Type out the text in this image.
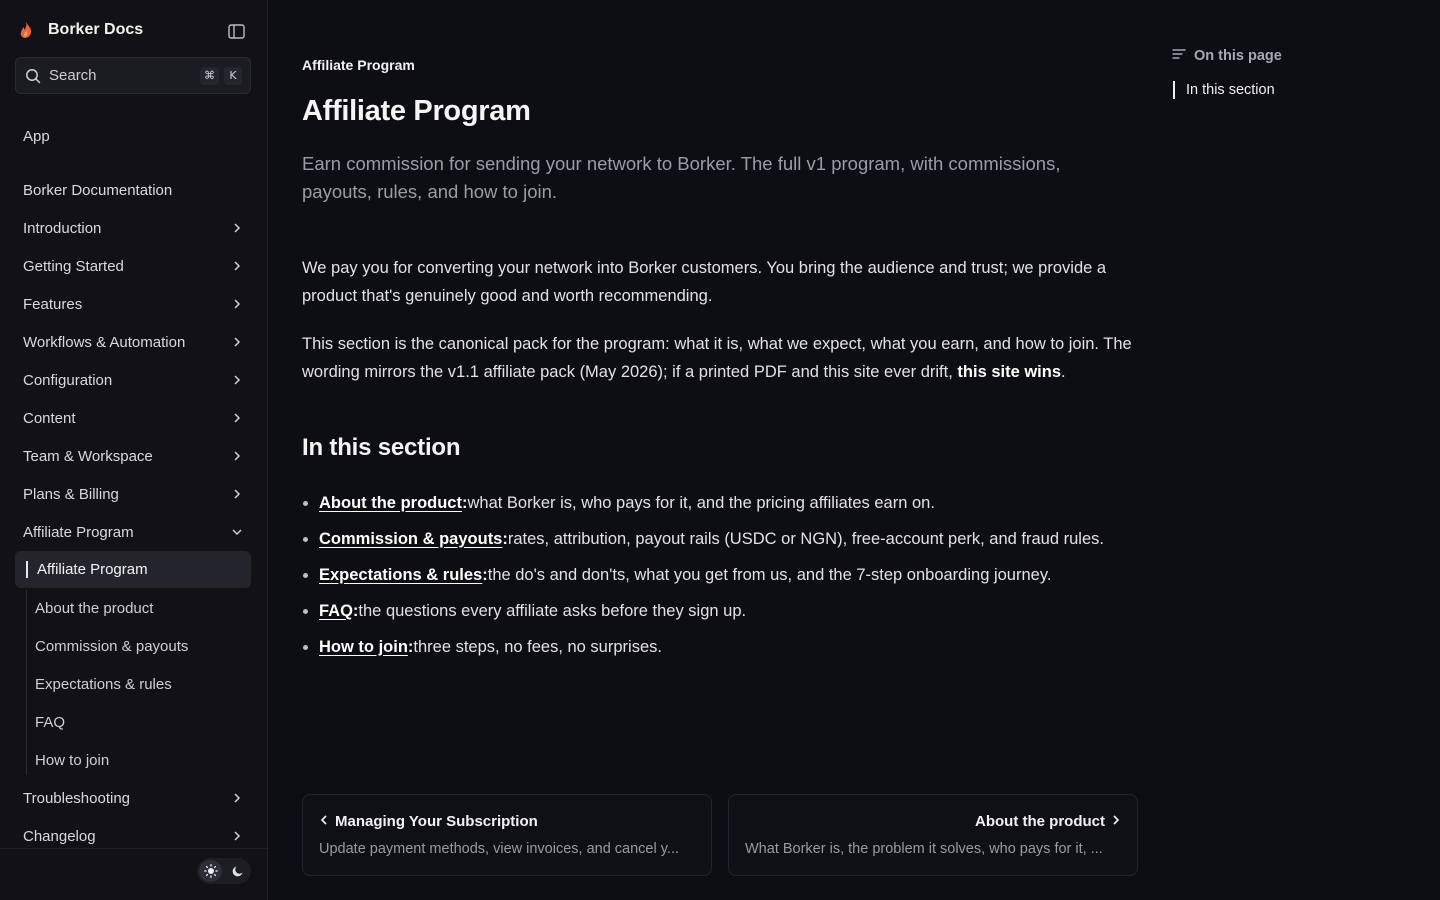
Borker Docs
Search	⌘	K
App
Borker Documentation
Introduction
Getting Started
Features
Workflows & Automation
Configuration
Content
Team & Workspace
Plans & Billing
Affiliate Program
Affiliate Program
About the product
Commission & payouts
Expectations & rules
FAQ
How to join
Troubleshooting
Changelog
Affiliate Program
Affiliate Program

Earn commission for sending your network to Borker. The full v1 program, with commissions, payouts, rules, and how to join.

We pay you for converting your network into Borker customers. You bring the audience and trust; we provide a product that's genuinely good and worth recommending.

This section is the canonical pack for the program: what it is, what we expect, what you earn, and how to join. The wording mirrors the v1.1 affiliate pack (May 2026); if a printed PDF and this site ever drift, this site wins.

In this section
About the product : what Borker is, who pays for it, and the pricing affiliates earn on.
Commission & payouts : rates, attribution, payout rails (USDC or NGN), free-account perk, and fraud rules.
Expectations & rules : the do's and don'ts, what you get from us, and the 7-step onboarding journey.
FAQ : the questions every affiliate asks before they sign up.
How to join : three steps, no fees, no surprises.
Managing Your Subscription
Update payment methods, view invoices, and cancel y...
About the product
What Borker is, the problem it solves, who pays for it, ...
On this page
In this section
